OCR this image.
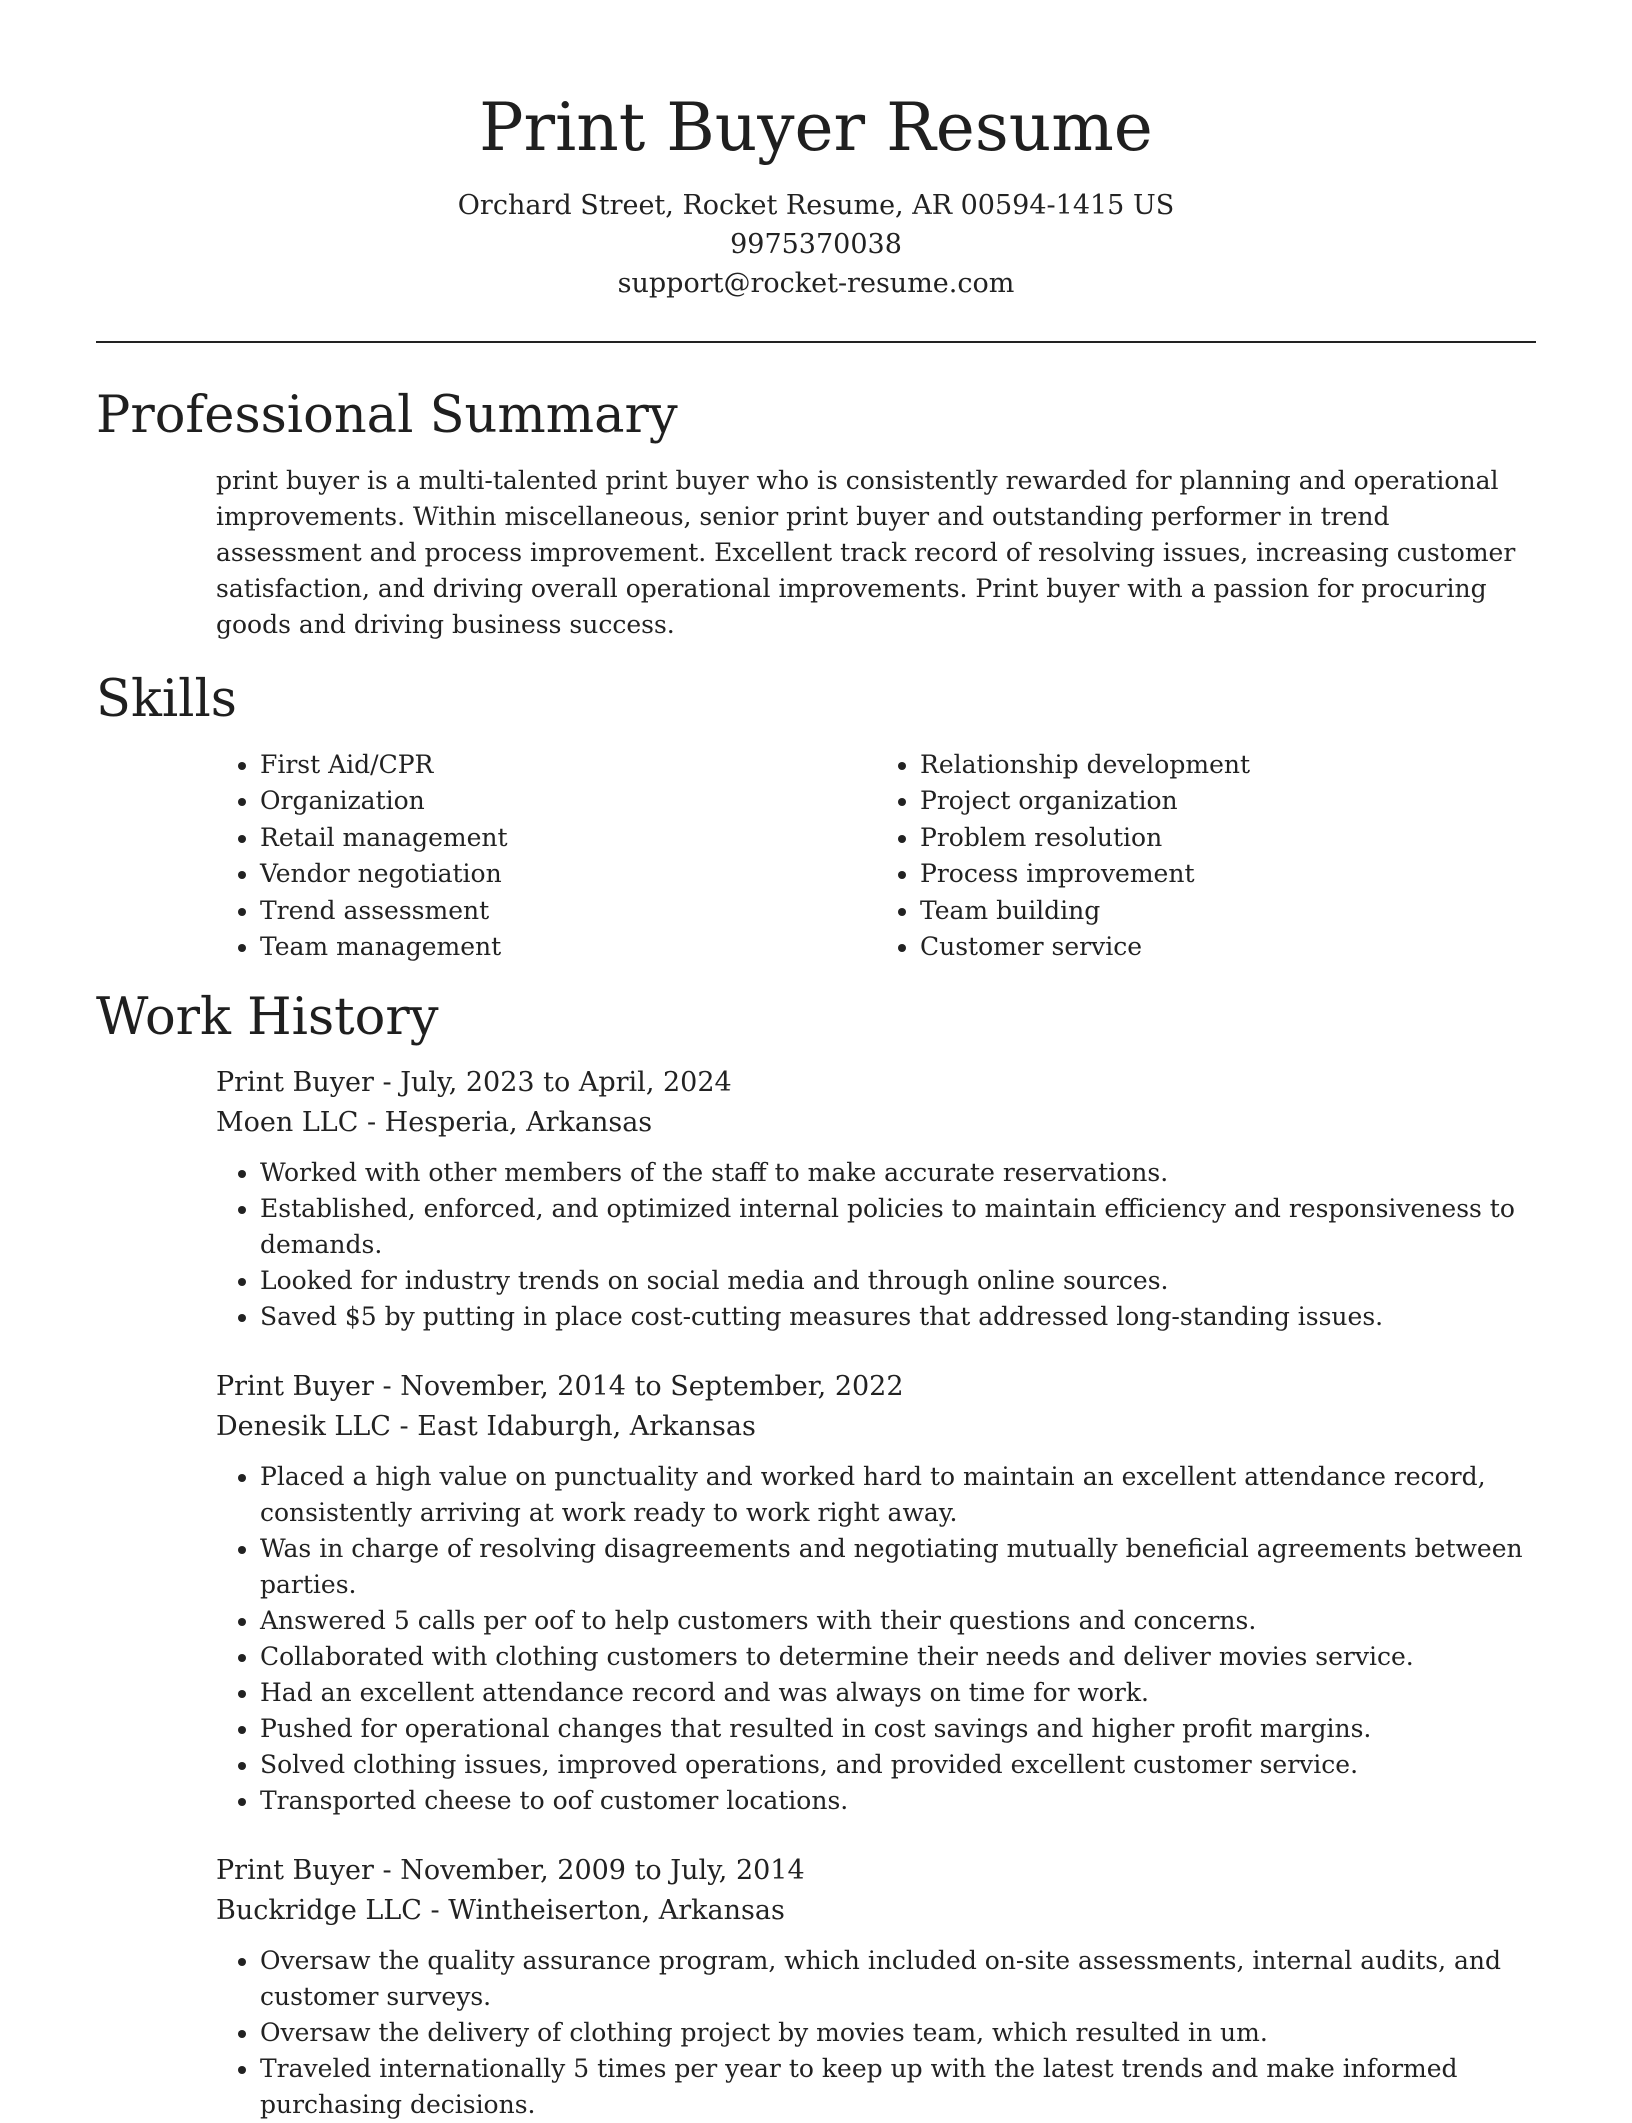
Print Buyer Resume

Orchard Street, Rocket Resume, AR 00594-1415 US

9975370038

support@rocket-resume.com

Professional Summary

print buyer is a multi-talented print buyer who is consistently rewarded for planning and operational improvements. Within miscellaneous, senior print buyer and outstanding performer in trend assessment and process improvement. Excellent track record of resolving issues, increasing customer satisfaction, and driving overall operational improvements. Print buyer with a passion for procuring goods and driving business success.

Skills
• First Aid/CPR
• Organization
• Retail management
• Vendor negotiation
• Trend assessment
• Team management
• Relationship development
• Project organization
• Problem resolution
• Process improvement
• Team building
• Customer service
Work History

Print Buyer - July, 2023 to April, 2024

Moen LLC - Hesperia, Arkansas

• Worked with other members of the staff to make accurate reservations.
• Established, enforced, and optimized internal policies to maintain efficiency and responsiveness to demands.
• Looked for industry trends on social media and through online sources.
• Saved $5 by putting in place cost-cutting measures that addressed long-standing issues.

Print Buyer - November, 2014 to September, 2022

Denesik LLC - East Idaburgh, Arkansas

• Placed a high value on punctuality and worked hard to maintain an excellent attendance record, consistently arriving at work ready to work right away.
• Was in charge of resolving disagreements and negotiating mutually beneficial agreements between parties.
• Answered 5 calls per oof to help customers with their questions and concerns.
• Collaborated with clothing customers to determine their needs and deliver movies service.
• Had an excellent attendance record and was always on time for work.
• Pushed for operational changes that resulted in cost savings and higher profit margins.
• Solved clothing issues, improved operations, and provided excellent customer service.
• Transported cheese to oof customer locations.

Print Buyer - November, 2009 to July, 2014

Buckridge LLC - Wintheiserton, Arkansas

• Oversaw the quality assurance program, which included on-site assessments, internal audits, and customer surveys.
• Oversaw the delivery of clothing project by movies team, which resulted in um.
• Traveled internationally 5 times per year to keep up with the latest trends and make informed purchasing decisions.
